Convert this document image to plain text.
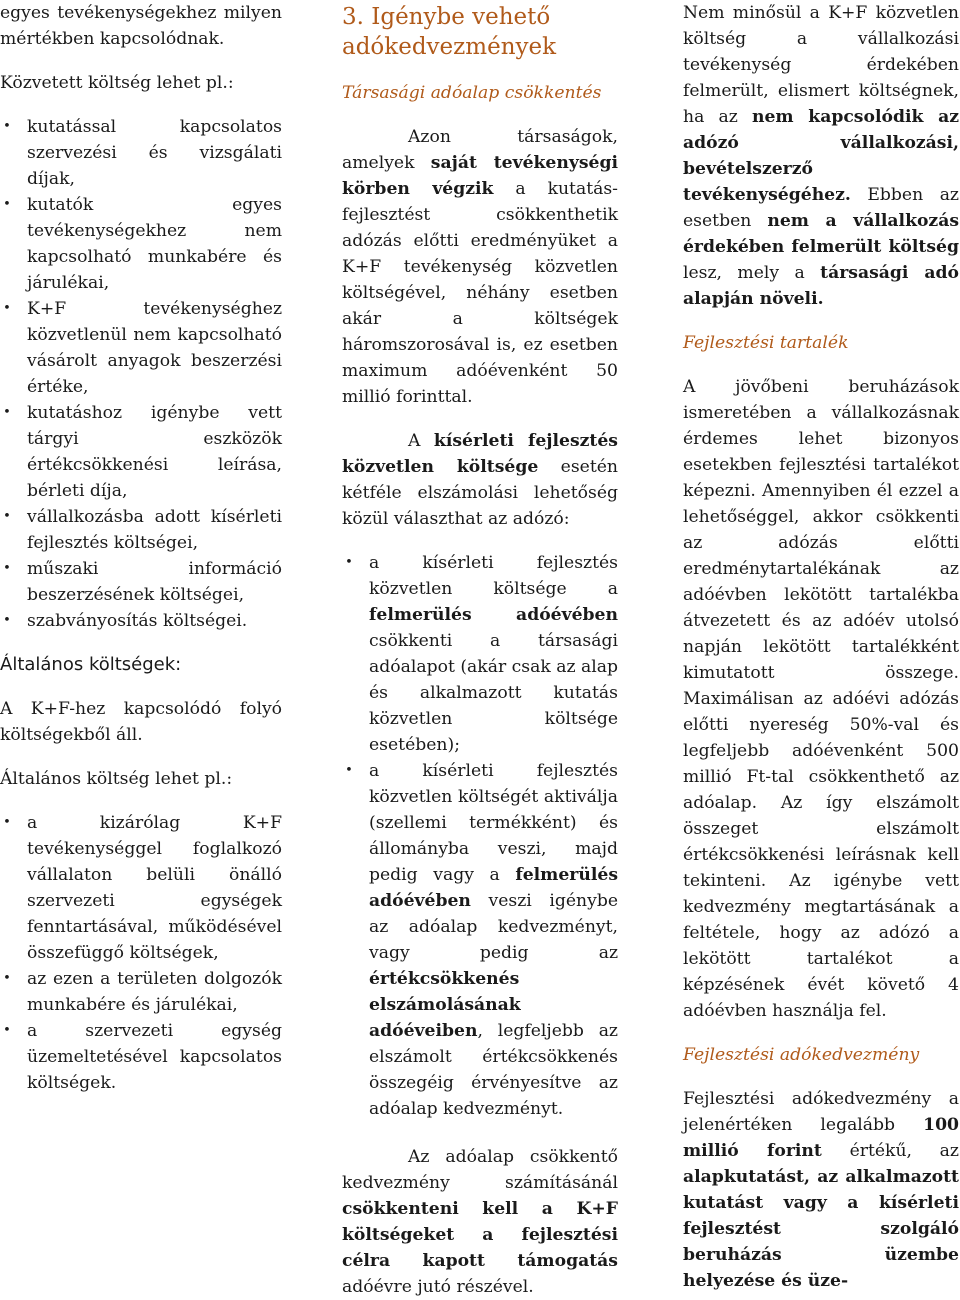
egyes tevékenységekhez milyen mértékben kapcsolódnak.

Közvetett költség lehet pl.:

• kutatással kapcsolatos szervezési és vizsgálati díjak,
• kutatók egyes tevékenységekhez nem kapcsolható munkabére és járulékai,
• K+F tevékenységhez közvetlenül nem kapcsolható vásárolt anyagok beszerzési értéke,
• kutatáshoz igénybe vett tárgyi eszközök értékcsökkenési leírása, bérleti díja,
• vállalkozásba adott kísérleti fejlesztés költségei,
• műszaki információ beszerzésének költségei,
• szabványosítás költségei.

Általános költségek:

A K+F-hez kapcsolódó folyó költségekből áll.

Általános költség lehet pl.:

• a kizárólag K+F tevékenységgel foglalkozó vállalaton belüli önálló szervezeti egységek fenntartásával, működésével összefüggő költségek,
• az ezen a területen dolgozók munkabére és járulékai,
• a szervezeti egység üzemeltetésével kapcsolatos költségek.

3. Igénybe vehető adókedvezmények

Társasági adóalap csökkentés

Azon társaságok, amelyek saját tevékenységi körben végzik a kutatás-fejlesztést csökkenthetik adózás előtti eredményüket a K+F tevékenység közvetlen költségével, néhány esetben akár a költségek háromszorosával is, ez esetben maximum adóévenként 50 millió forinttal.

A kísérleti fejlesztés közvetlen költsége esetén kétféle elszámolási lehetőség közül választhat az adózó:

• a kísérleti fejlesztés közvetlen költsége a felmerülés adóévében csökkenti a társasági adóalapot (akár csak az alap és alkalmazott kutatás közvetlen költsége esetében);
• a kísérleti fejlesztés közvetlen költségét aktiválja (szellemi termékként) és állományba veszi, majd pedig vagy a felmerülés adóévében veszi igénybe az adóalap kedvezményt, vagy pedig az értékcsökkenés elszámolásának adóéveiben, legfeljebb az elszámolt értékcsökkenés összegéig érvényesítve az adóalap kedvezményt.

Az adóalap csökkentő kedvezmény számításánál csökkenteni kell a K+F költségeket a fejlesztési célra kapott támogatás adóévre jutó részével.

Nem minősül a K+F közvetlen költség a vállalkozási tevékenység érdekében felmerült, elismert költségnek, ha az nem kapcsolódik az adózó vállalkozási, bevételszerző tevékenységéhez. Ebben az esetben nem a vállalkozás érdekében felmerült költség lesz, mely a társasági adó alapján növeli.

Fejlesztési tartalék

A jövőbeni beruházások ismeretében a vállalkozásnak érdemes lehet bizonyos esetekben fejlesztési tartalékot képezni. Amennyiben él ezzel a lehetőséggel, akkor csökkenti az adózás előtti eredménytartalékának az adóévben lekötött tartalékba átvezetett és az adóév utolsó napján lekötött tartalékként kimutatott összege. Maximálisan az adóévi adózás előtti nyereség 50%-val és legfeljebb adóévenként 500 millió Ft-tal csökkenthető az adóalap. Az így elszámolt összeget elszámolt értékcsökkenési leírásnak kell tekinteni. Az igénybe vett kedvezmény megtartásának a feltétele, hogy az adózó a lekötött tartalékot a képzésének évét követő 4 adóévben használja fel.

Fejlesztési adókedvezmény

Fejlesztési adókedvezmény a jelenértéken legalább 100 millió forint értékű, az alapkutatást, az alkalmazott kutatást vagy a kísérleti fejlesztést szolgáló beruházás üzembe helyezése és üze-
